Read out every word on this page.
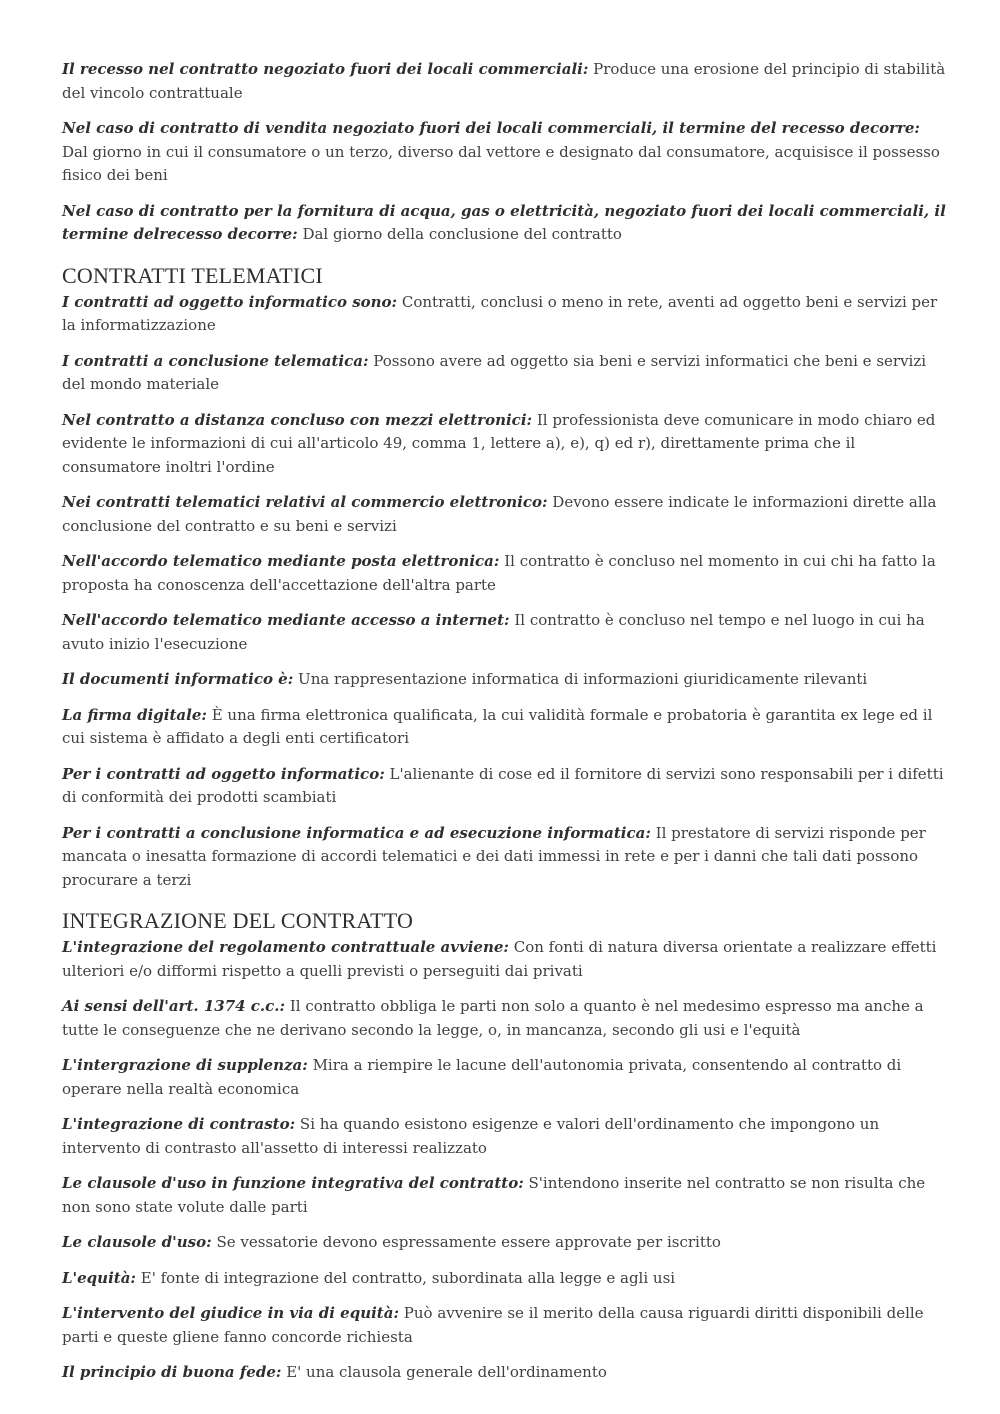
Il recesso nel contratto negoziato fuori dei locali commerciali: Produce una erosione del principio di stabilità del vincolo contrattuale

Nel caso di contratto di vendita negoziato fuori dei locali commerciali, il termine del recesso decorre: Dal giorno in cui il consumatore o un terzo, diverso dal vettore e designato dal consumatore, acquisisce il possesso fisico dei beni

Nel caso di contratto per la fornitura di acqua, gas o elettricità, negoziato fuori dei locali commerciali, il termine delrecesso decorre: Dal giorno della conclusione del contratto

CONTRATTI TELEMATICI

I contratti ad oggetto informatico sono: Contratti, conclusi o meno in rete, aventi ad oggetto beni e servizi per la informatizzazione

I contratti a conclusione telematica: Possono avere ad oggetto sia beni e servizi informatici che beni e servizi del mondo materiale

Nel contratto a distanza concluso con mezzi elettronici: Il professionista deve comunicare in modo chiaro ed evidente le informazioni di cui all'articolo 49, comma 1, lettere a), e), q) ed r), direttamente prima che il consumatore inoltri l'ordine

Nei contratti telematici relativi al commercio elettronico: Devono essere indicate le informazioni dirette alla conclusione del contratto e su beni e servizi

Nell'accordo telematico mediante posta elettronica: Il contratto è concluso nel momento in cui chi ha fatto la proposta ha conoscenza dell'accettazione dell'altra parte

Nell'accordo telematico mediante accesso a internet: Il contratto è concluso nel tempo e nel luogo in cui ha avuto inizio l'esecuzione

Il documenti informatico è: Una rappresentazione informatica di informazioni giuridicamente rilevanti

La firma digitale: È una firma elettronica qualificata, la cui validità formale e probatoria è garantita ex lege ed il cui sistema è affidato a degli enti certificatori

Per i contratti ad oggetto informatico: L'alienante di cose ed il fornitore di servizi sono responsabili per i difetti di conformità dei prodotti scambiati

Per i contratti a conclusione informatica e ad esecuzione informatica: Il prestatore di servizi risponde per mancata o inesatta formazione di accordi telematici e dei dati immessi in rete e per i danni che tali dati possono procurare a terzi

INTEGRAZIONE DEL CONTRATTO

L'integrazione del regolamento contrattuale avviene: Con fonti di natura diversa orientate a realizzare effetti ulteriori e/o difformi rispetto a quelli previsti o perseguiti dai privati

Ai sensi dell'art. 1374 c.c.: Il contratto obbliga le parti non solo a quanto è nel medesimo espresso ma anche a tutte le conseguenze che ne derivano secondo la legge, o, in mancanza, secondo gli usi e l'equità

L'intergrazione di supplenza: Mira a riempire le lacune dell'autonomia privata, consentendo al contratto di operare nella realtà economica

L'integrazione di contrasto: Si ha quando esistono esigenze e valori dell'ordinamento che impongono un intervento di contrasto all'assetto di interessi realizzato

Le clausole d'uso in funzione integrativa del contratto: S'intendono inserite nel contratto se non risulta che non sono state volute dalle parti

Le clausole d'uso: Se vessatorie devono espressamente essere approvate per iscritto

L'equità: E' fonte di integrazione del contratto, subordinata alla legge e agli usi

L'intervento del giudice in via di equità: Può avvenire se il merito della causa riguardi diritti disponibili delle parti e queste gliene fanno concorde richiesta

Il principio di buona fede: E' una clausola generale dell'ordinamento
